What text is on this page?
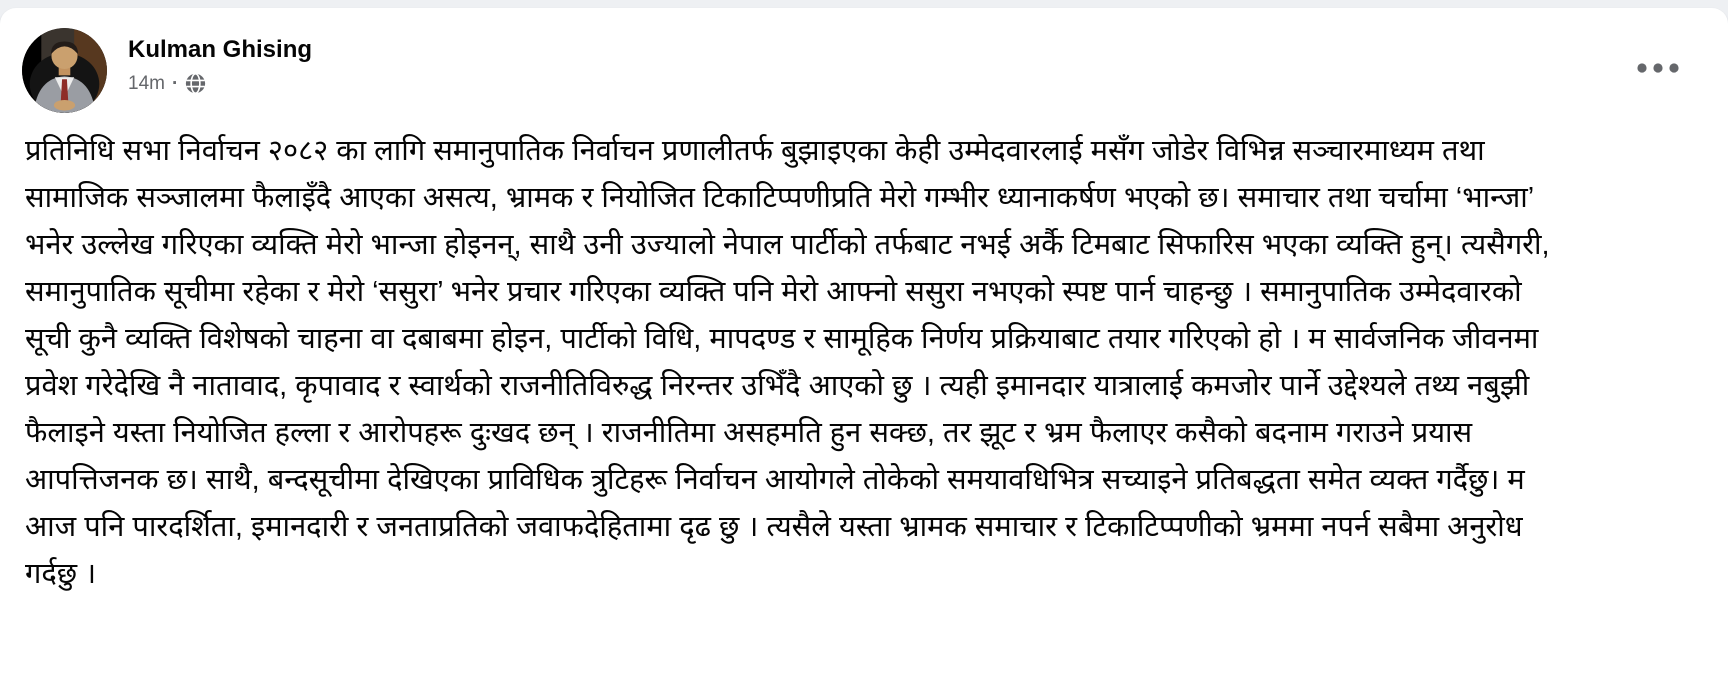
Kulman Ghising
14m ·
प्रतिनिधि सभा निर्वाचन २०८२ का लागि समानुपातिक निर्वाचन प्रणालीतर्फ बुझाइएका केही उम्मेदवारलाई मसँग जोडेर विभिन्न सञ्चारमाध्यम तथा सामाजिक सञ्जालमा फैलाइँदै आएका असत्य, भ्रामक र नियोजित टिकाटिप्पणीप्रति मेरो गम्भीर ध्यानाकर्षण भएको छ। समाचार तथा चर्चामा ‘भान्जा’ भनेर उल्लेख गरिएका व्यक्ति मेरो भान्जा होइनन्, साथै उनी उज्यालो नेपाल पार्टीको तर्फबाट नभई अर्कै टिमबाट सिफारिस भएका व्यक्ति हुन्। त्यसैगरी, समानुपातिक सूचीमा रहेका र मेरो ‘ससुरा’ भनेर प्रचार गरिएका व्यक्ति पनि मेरो आफ्नो ससुरा नभएको स्पष्ट पार्न चाहन्छु । समानुपातिक उम्मेदवारको सूची कुनै व्यक्ति विशेषको चाहना वा दबाबमा होइन, पार्टीको विधि, मापदण्ड र सामूहिक निर्णय प्रक्रियाबाट तयार गरिएको हो । म सार्वजनिक जीवनमा प्रवेश गरेदेखि नै नातावाद, कृपावाद र स्वार्थको राजनीतिविरुद्ध निरन्तर उभिँदै आएको छु । त्यही इमानदार यात्रालाई कमजोर पार्ने उद्देश्यले तथ्य नबुझी फैलाइने यस्ता नियोजित हल्ला र आरोपहरू दुःखद छन् । राजनीतिमा असहमति हुन सक्छ, तर झूट र भ्रम फैलाएर कसैको बदनाम गराउने प्रयास आपत्तिजनक छ। साथै, बन्दसूचीमा देखिएका प्राविधिक त्रुटिहरू निर्वाचन आयोगले तोकेको समयावधिभित्र सच्याइने प्रतिबद्धता समेत व्यक्त गर्दैछु। म आज पनि पारदर्शिता, इमानदारी र जनताप्रतिको जवाफदेहितामा दृढ छु । त्यसैले यस्ता भ्रामक समाचार र टिकाटिप्पणीको भ्रममा नपर्न सबैमा अनुरोध गर्दछु ।
